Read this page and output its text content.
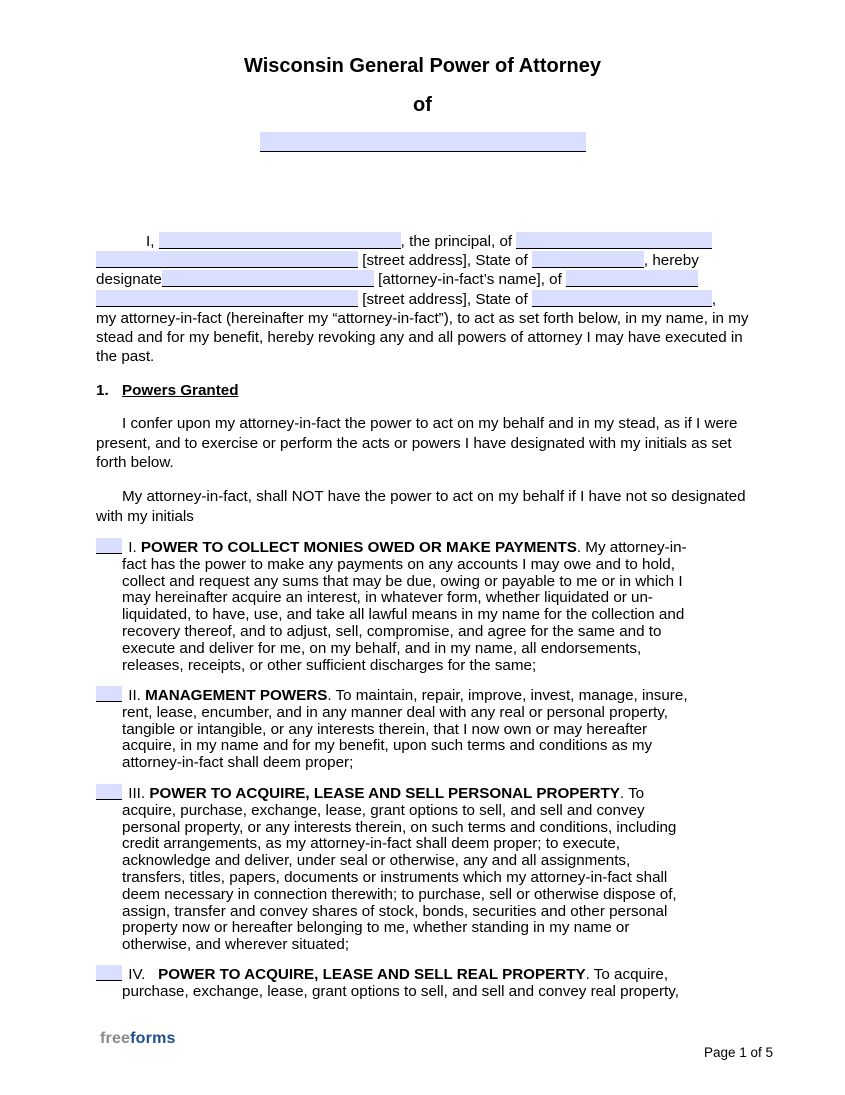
Wisconsin General Power of Attorney
of
I,	, the principal, of
[street address], State of	, hereby
designate	[attorney-in-fact’s name], of
[street address], State of	,

my attorney-in-fact (hereinafter my “attorney-in-fact”), to act as set forth below, in my name, in my stead and for my benefit, hereby revoking any and all powers of attorney I may have executed in the past.

1. Powers Granted

I confer upon my attorney-in-fact the power to act on my behalf and in my stead, as if I were present, and to exercise or perform the acts or powers I have designated with my initials as set forth below.

My attorney-in-fact, shall NOT have the power to act on my behalf if I have not so designated with my initials

I. POWER TO COLLECT MONIES OWED OR MAKE PAYMENTS. My attorney-in-
fact has the power to make any payments on any accounts I may owe and to hold,
collect and request any sums that may be due, owing or payable to me or in which I
may hereinafter acquire an interest, in whatever form, whether liquidated or un-
liquidated, to have, use, and take all lawful means in my name for the collection and
recovery thereof, and to adjust, sell, compromise, and agree for the same and to
execute and deliver for me, on my behalf, and in my name, all endorsements,
releases, receipts, or other sufficient discharges for the same;
II. MANAGEMENT POWERS. To maintain, repair, improve, invest, manage, insure,
rent, lease, encumber, and in any manner deal with any real or personal property,
tangible or intangible, or any interests therein, that I now own or may hereafter
acquire, in my name and for my benefit, upon such terms and conditions as my
attorney-in-fact shall deem proper;
III. POWER TO ACQUIRE, LEASE AND SELL PERSONAL PROPERTY. To
acquire, purchase, exchange, lease, grant options to sell, and sell and convey
personal property, or any interests therein, on such terms and conditions, including
credit arrangements, as my attorney-in-fact shall deem proper; to execute,
acknowledge and deliver, under seal or otherwise, any and all assignments,
transfers, titles, papers, documents or instruments which my attorney-in-fact shall
deem necessary in connection therewith; to purchase, sell or otherwise dispose of,
assign, transfer and convey shares of stock, bonds, securities and other personal
property now or hereafter belonging to me, whether standing in my name or
otherwise, and wherever situated;
IV.   POWER TO ACQUIRE, LEASE AND SELL REAL PROPERTY. To acquire,
purchase, exchange, lease, grant options to sell, and sell and convey real property,
freeforms
Page 1 of 5
